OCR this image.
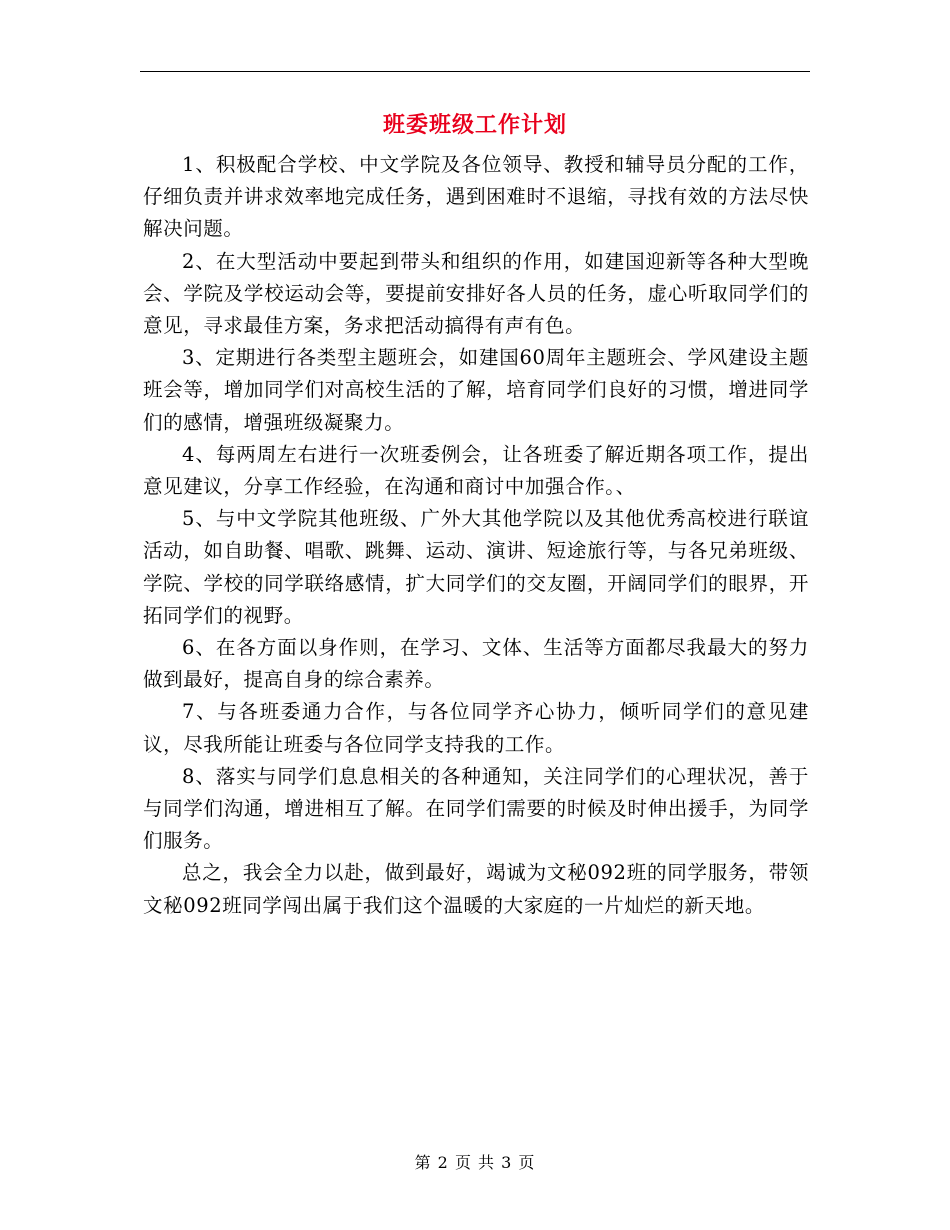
班委班级工作计划

1、积极配合学校、中文学院及各位领导、教授和辅导员分配的工作，仔细负责并讲求效率地完成任务，遇到困难时不退缩，寻找有效的方法尽快解决问题。

2、在大型活动中要起到带头和组织的作用，如建国迎新等各种大型晚会、学院及学校运动会等，要提前安排好各人员的任务，虚心听取同学们的意见，寻求最佳方案，务求把活动搞得有声有色。

3、定期进行各类型主题班会，如建国60周年主题班会、学风建设主题班会等，增加同学们对高校生活的了解，培育同学们良好的习惯，增进同学们的感情，增强班级凝聚力。

4、每两周左右进行一次班委例会，让各班委了解近期各项工作，提出意见建议，分享工作经验，在沟通和商讨中加强合作。、

5、与中文学院其他班级、广外大其他学院以及其他优秀高校进行联谊活动，如自助餐、唱歌、跳舞、运动、演讲、短途旅行等，与各兄弟班级、学院、学校的同学联络感情，扩大同学们的交友圈，开阔同学们的眼界，开拓同学们的视野。

6、在各方面以身作则，在学习、文体、生活等方面都尽我最大的努力做到最好，提高自身的综合素养。

7、与各班委通力合作，与各位同学齐心协力，倾听同学们的意见建议，尽我所能让班委与各位同学支持我的工作。

8、落实与同学们息息相关的各种通知，关注同学们的心理状况，善于与同学们沟通，增进相互了解。在同学们需要的时候及时伸出援手，为同学们服务。

总之，我会全力以赴，做到最好，竭诚为文秘092班的同学服务，带领文秘092班同学闯出属于我们这个温暖的大家庭的一片灿烂的新天地。

第 2 页 共 3 页
